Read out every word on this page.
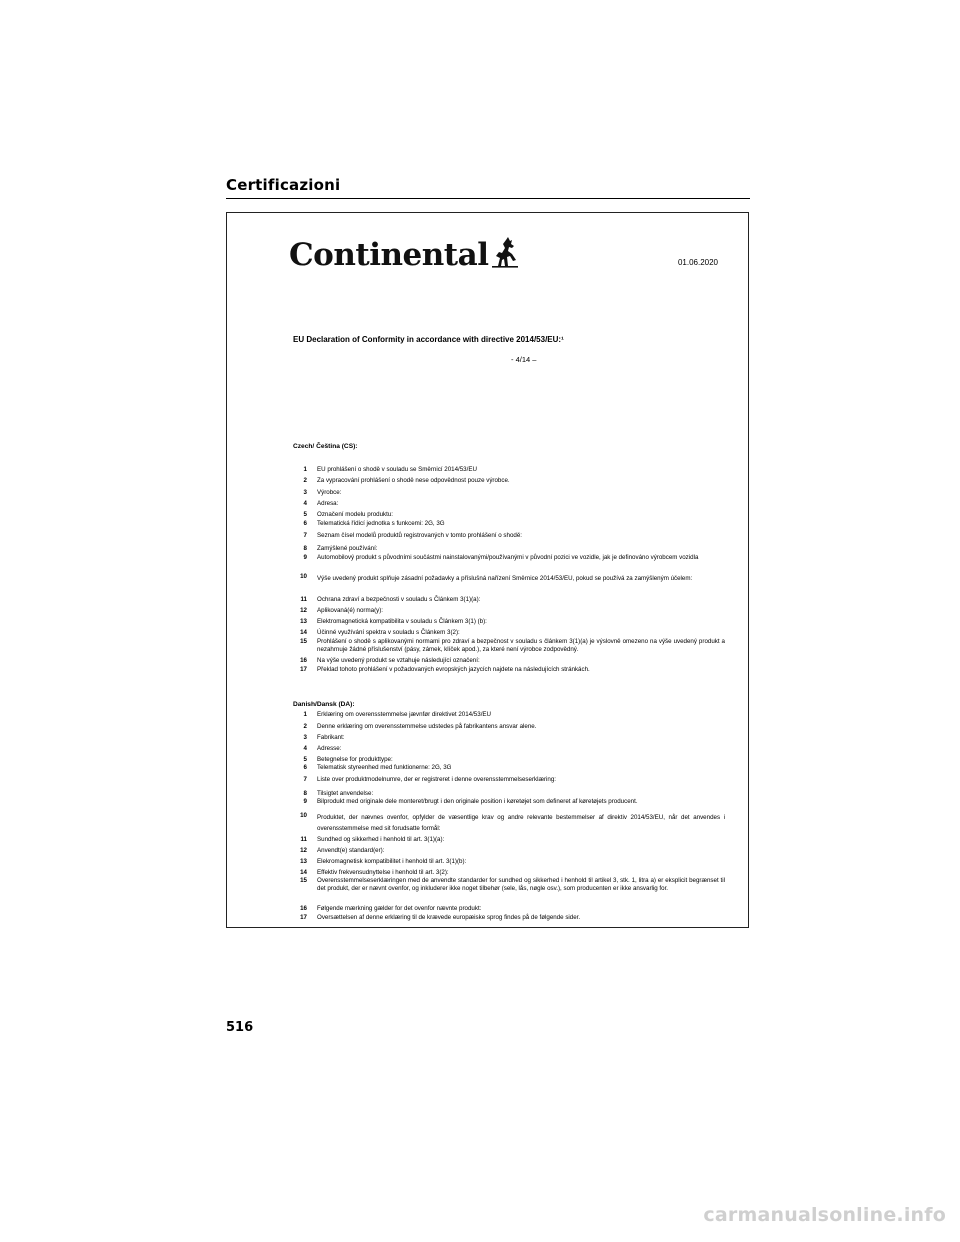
Certificazioni
Continental	01.06.2020
EU Declaration of Conformity in accordance with directive 2014/53/EU:¹
- 4/14 –
Czech/ Čeština (CS):
1 EU prohlášení o shodě v souladu se Směrnicí 2014/53/EU
2 Za vypracování prohlášení o shodě nese odpovědnost pouze výrobce.
3 Výrobce:
4 Adresa:
5 Označení modelu produktu:
6 Telematická řídicí jednotka s funkcemi: 2G, 3G
7 Seznam čísel modelů produktů registrovaných v tomto prohlášení o shodě:
8 Zamýšlené používání:
9 Automobilový produkt s původními součástmi nainstalovanými/používanými v původní pozici ve vozidle, jak je definováno výrobcem vozidla
10 Výše uvedený produkt splňuje zásadní požadavky a příslušná nařízení Směrnice 2014/53/EU, pokud se používá za zamýšleným účelem:
11 Ochrana zdraví a bezpečnosti v souladu s Článkem 3(1)(a):
12 Aplikovaná(é) norma(y):
13 Elektromagnetická kompatibilita v souladu s Článkem 3(1) (b):
14 Účinné využívání spektra v souladu s Článkem 3(2):
15 Prohlášení o shodě s aplikovanými normami pro zdraví a bezpečnost v souladu s článkem 3(1)(a) je výslovně omezeno na výše uvedený produkt a nezahrnuje žádné příslušenství (pásy, zámek, klíček apod.), za které není výrobce zodpovědný.
16 Na výše uvedený produkt se vztahuje následující označení:
17 Překlad tohoto prohlášení v požadovaných evropských jazycích najdete na následujících stránkách.
Danish/Dansk (DA):
1 Erklæring om overensstemmelse jævnfør direktivet 2014/53/EU
2 Denne erklæring om overensstemmelse udstedes på fabrikantens ansvar alene.
3 Fabrikant:
4 Adresse:
5 Betegnelse for produkttype:
6 Telematisk styreenhed med funktionerne: 2G, 3G
7 Liste over produktmodelnumre, der er registreret i denne overensstemmelseserklæring:
8 Tilsigtet anvendelse:
9 Bilprodukt med originale dele monteret/brugt i den originale position i køretøjet som defineret af køretøjets producent.
10 Produktet, der nævnes ovenfor, opfylder de væsentlige krav og andre relevante bestemmelser af direktiv 2014/53/EU, når det anvendes i overensstemmelse med sit forudsatte formål:
11 Sundhed og sikkerhed i henhold til art. 3(1)(a):
12 Anvendt(e) standard(er):
13 Elekromagnetisk kompatibilitet i henhold til art. 3(1)(b):
14 Effektiv frekvensudnyttelse i henhold til art. 3(2):
15 Overensstemmelseserklæringen med de anvendte standarder for sundhed og sikkerhed i henhold til artikel 3, stk. 1, litra a) er eksplicit begrænset til det produkt, der er nævnt ovenfor, og inkluderer ikke noget tilbehør (sele, lås, nøgle osv.), som producenten er ikke ansvarlig for.
16 Følgende mærkning gælder for det ovenfor nævnte produkt:
17 Oversættelsen af denne erklæring til de krævede europæiske sprog findes på de følgende sider.
516
carmanualsonline.info
